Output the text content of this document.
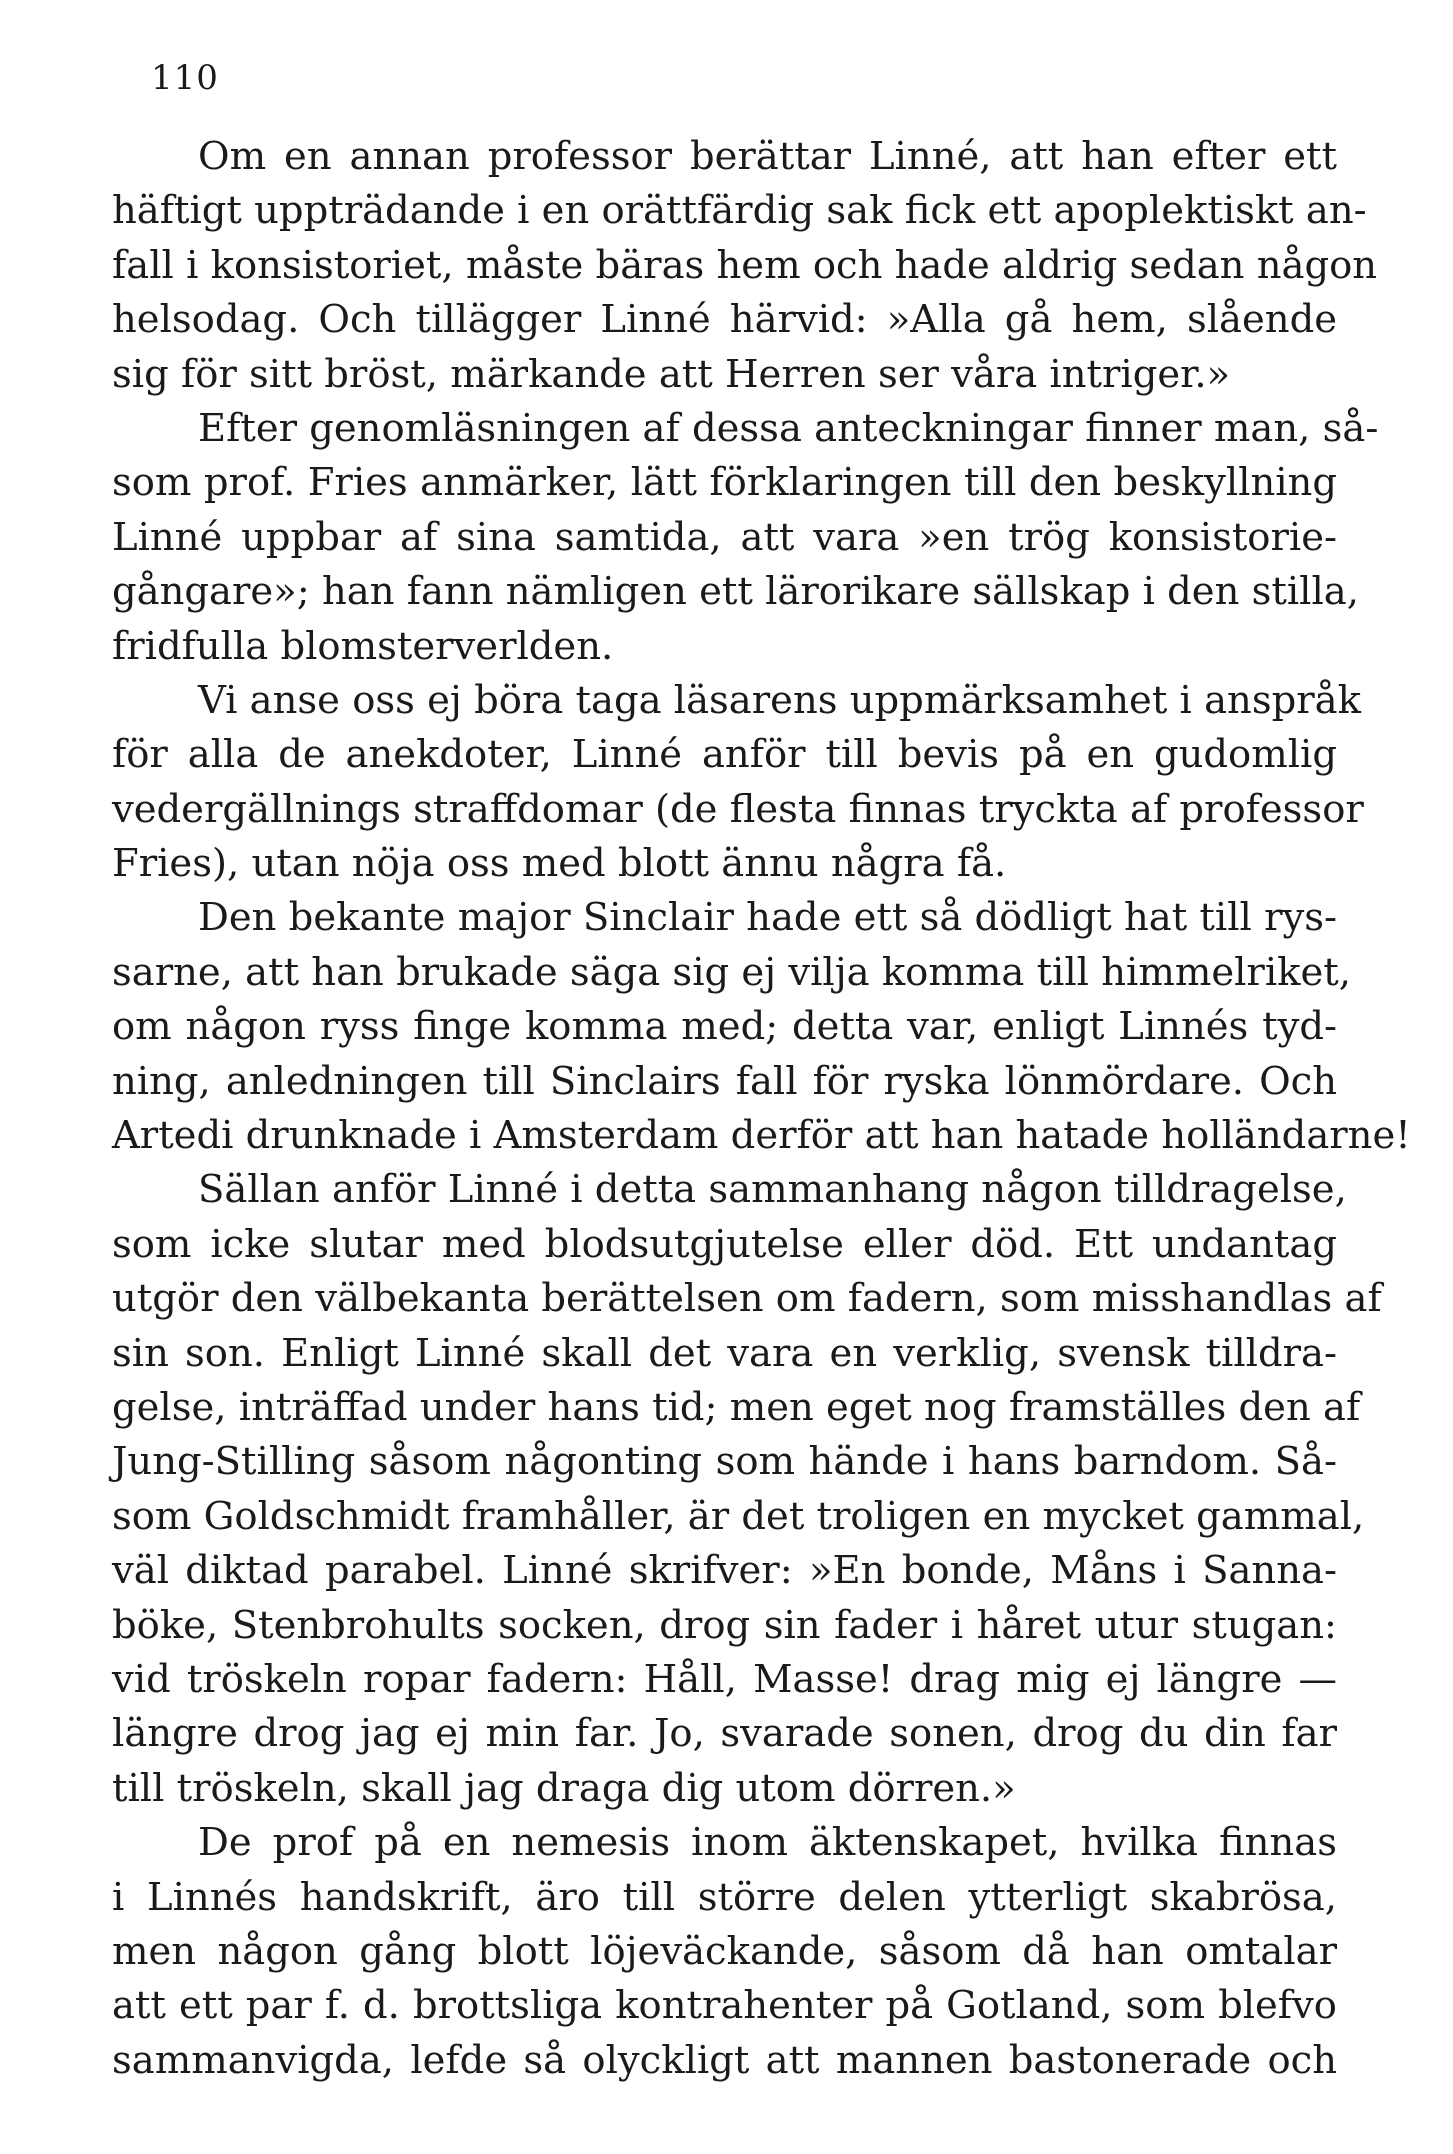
110
Om en annan professor berättar Linné, att han efter ett
häftigt uppträdande i en orättfärdig sak fick ett apoplektiskt an-
fall i konsistoriet, måste bäras hem och hade aldrig sedan någon
helsodag. Och tillägger Linné härvid: »Alla gå hem, slående
sig för sitt bröst, märkande att Herren ser våra intriger.»
Efter genomläsningen af dessa anteckningar finner man, så-
som prof. Fries anmärker, lätt förklaringen till den beskyllning
Linné uppbar af sina samtida, att vara »en trög konsistorie-
gångare»; han fann nämligen ett lärorikare sällskap i den stilla,
fridfulla blomsterverlden.
Vi anse oss ej böra taga läsarens uppmärksamhet i anspråk
för alla de anekdoter, Linné anför till bevis på en gudomlig
vedergällnings straffdomar (de flesta finnas tryckta af professor
Fries), utan nöja oss med blott ännu några få.
Den bekante major Sinclair hade ett så dödligt hat till rys-
sarne, att han brukade säga sig ej vilja komma till himmelriket,
om någon ryss finge komma med; detta var, enligt Linnés tyd-
ning, anledningen till Sinclairs fall för ryska lönmördare. Och
Artedi drunknade i Amsterdam derför att han hatade holländarne!
Sällan anför Linné i detta sammanhang någon tilldragelse,
som icke slutar med blodsutgjutelse eller död. Ett undantag
utgör den välbekanta berättelsen om fadern, som misshandlas af
sin son. Enligt Linné skall det vara en verklig, svensk tilldra-
gelse, inträffad under hans tid; men eget nog framställes den af
Jung-Stilling såsom någonting som hände i hans barndom. Så-
som Goldschmidt framhåller, är det troligen en mycket gammal,
väl diktad parabel. Linné skrifver: »En bonde, Måns i Sanna-
böke, Stenbrohults socken, drog sin fader i håret utur stugan:
vid tröskeln ropar fadern: Håll, Masse! drag mig ej längre —
längre drog jag ej min far. Jo, svarade sonen, drog du din far
till tröskeln, skall jag draga dig utom dörren.»
De prof på en nemesis inom äktenskapet, hvilka finnas
i Linnés handskrift, äro till större delen ytterligt skabrösa,
men någon gång blott löjeväckande, såsom då han omtalar
att ett par f. d. brottsliga kontrahenter på Gotland, som blefvo
sammanvigda, lefde så olyckligt att mannen bastonerade och
